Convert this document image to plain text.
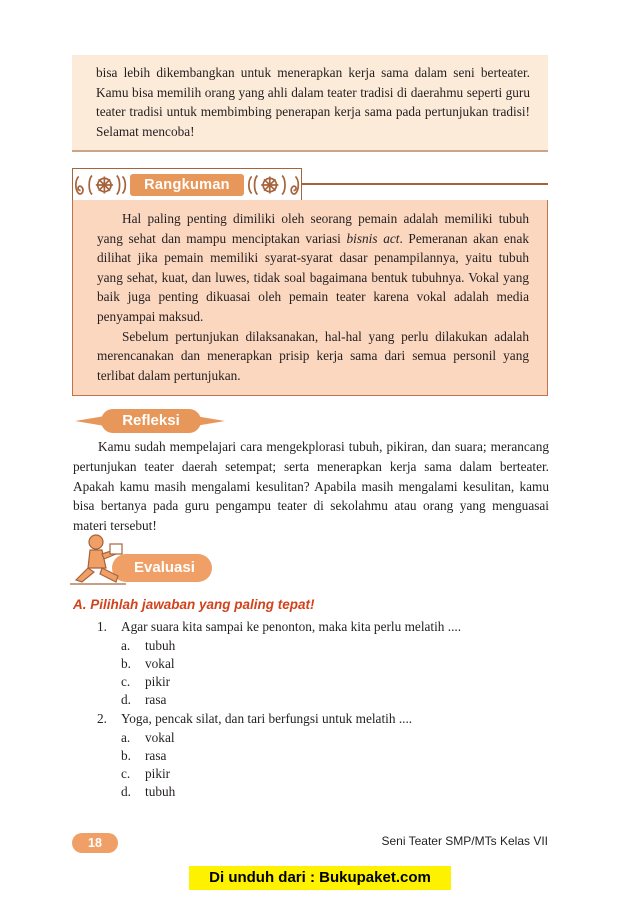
bisa lebih dikembangkan untuk menerapkan kerja sama dalam seni berteater. Kamu bisa memilih orang yang ahli dalam teater tradisi di daerahmu seperti guru teater tradisi untuk membimbing penerapan kerja sama pada pertunjukan tradisi! Selamat mencoba!

Rangkuman

Hal paling penting dimiliki oleh seorang pemain adalah memiliki tubuh yang sehat dan mampu menciptakan variasi bisnis act. Pemeranan akan enak dilihat jika pemain memiliki syarat-syarat dasar penampilannya, yaitu tubuh yang sehat, kuat, dan luwes, tidak soal bagaimana bentuk tubuhnya. Vokal yang baik juga penting dikuasai oleh pemain teater karena vokal adalah media penyampai maksud.

Sebelum pertunjukan dilaksanakan, hal-hal yang perlu dilakukan adalah merencanakan dan menerapkan prisip kerja sama dari semua personil yang terlibat dalam pertunjukan.

Refleksi

Kamu sudah mempelajari cara mengekplorasi tubuh, pikiran, dan suara; merancang pertunjukan teater daerah setempat; serta menerapkan kerja sama dalam berteater. Apakah kamu masih mengalami kesulitan? Apabila masih mengalami kesulitan, kamu bisa bertanya pada guru pengampu teater di sekolahmu atau orang yang menguasai materi tersebut!

Evaluasi
A. Pilihlah jawaban yang paling tepat!
1.	Agar suara kita sampai ke penonton, maka kita perlu melatih ....
a.	tubuh
b.	vokal
c.	pikir
d.	rasa
2.	Yoga, pencak silat, dan tari berfungsi untuk melatih ....
a.	vokal
b.	rasa
c.	pikir
d.	tubuh
18	Seni Teater SMP/MTs Kelas VII
Di unduh dari : Bukupaket.com
